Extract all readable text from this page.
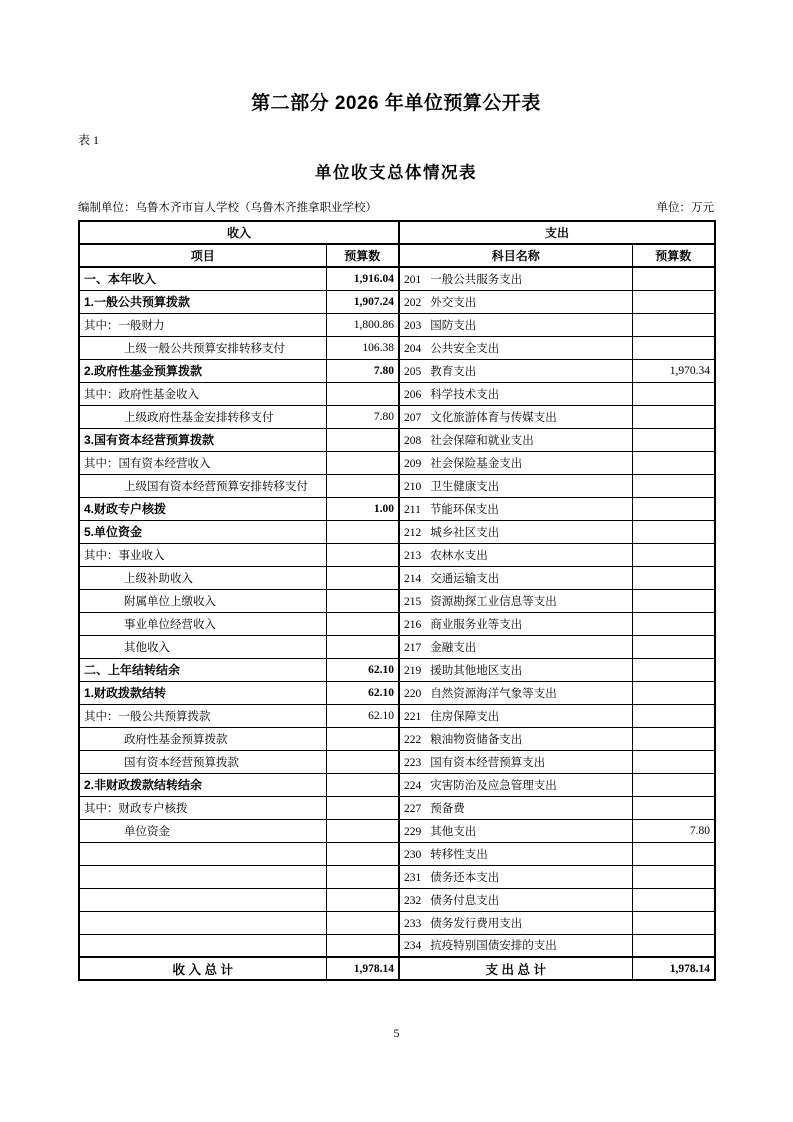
第二部分 2026 年单位预算公开表
表 1
单位收支总体情况表
编制单位：乌鲁木齐市盲人学校（乌鲁木齐推拿职业学校）	单位：万元
收入		支出	
项目	预算数	科目名称	预算数
一、本年收入	1,916.04	201 一般公共服务支出	
1.一般公共预算拨款	1,907.24	202 外交支出	
其中：一般财力	1,800.86	203 国防支出	
上级一般公共预算安排转移支付	106.38	204 公共安全支出	
2.政府性基金预算拨款	7.80	205 教育支出	1,970.34
其中：政府性基金收入		206 科学技术支出	
上级政府性基金安排转移支付	7.80	207 文化旅游体育与传媒支出	
3.国有资本经营预算拨款		208 社会保障和就业支出	
其中：国有资本经营收入		209 社会保险基金支出	
上级国有资本经营预算安排转移支付		210 卫生健康支出	
4.财政专户核拨	1.00	211 节能环保支出	
5.单位资金		212 城乡社区支出	
其中：事业收入		213 农林水支出	
上级补助收入		214 交通运输支出	
附属单位上缴收入		215 资源勘探工业信息等支出	
事业单位经营收入		216 商业服务业等支出	
其他收入		217 金融支出	
二、上年结转结余	62.10	219 援助其他地区支出	
1.财政拨款结转	62.10	220 自然资源海洋气象等支出	
其中：一般公共预算拨款	62.10	221 住房保障支出	
政府性基金预算拨款		222 粮油物资储备支出	
国有资本经营预算拨款		223 国有资本经营预算支出	
2.非财政拨款结转结余		224 灾害防治及应急管理支出	
其中：财政专户核拨		227 预备费	
单位资金		229 其他支出	7.80
		230 转移性支出	
		231 债务还本支出	
		232 债务付息支出	
		233 债务发行费用支出	
		234 抗疫特别国债安排的支出	
收 入 总 计	1,978.14	支 出 总 计	1,978.14
5
